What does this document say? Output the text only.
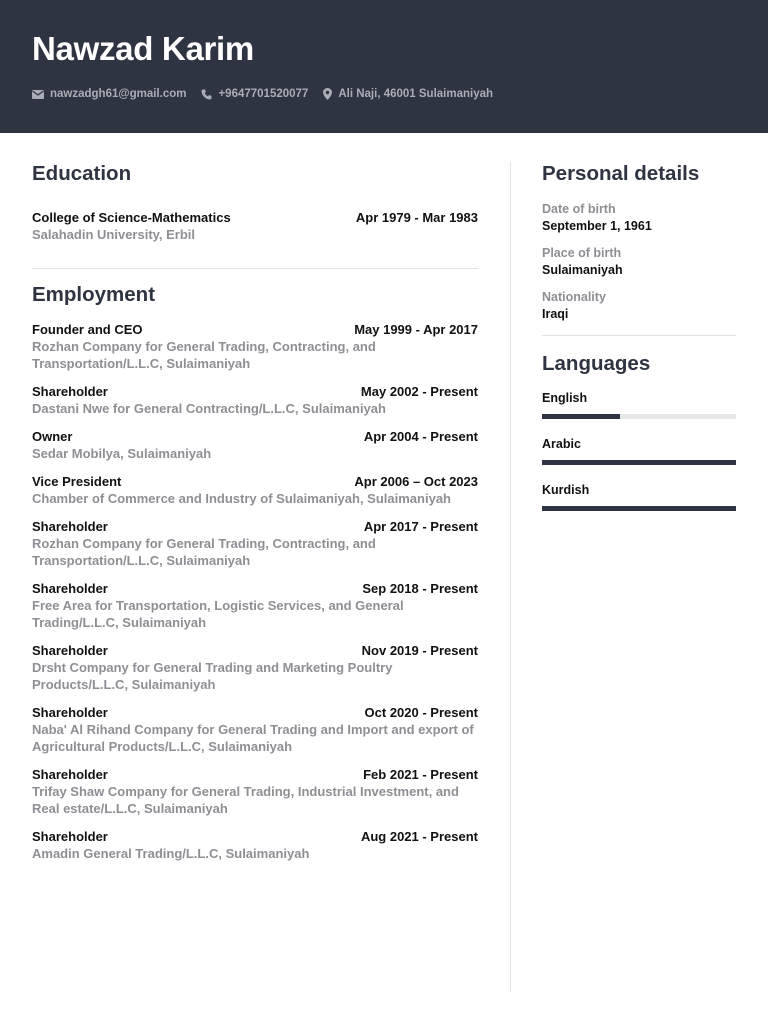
Nawzad Karim
nawzadgh61@gmail.com	+9647701520077	Ali Naji, 46001 Sulaimaniyah
Education
College of Science-Mathematics	Apr 1979 - Mar 1983
Salahadin University, Erbil
Employment
Founder and CEO	May 1999 - Apr 2017
Rozhan Company for General Trading, Contracting, and Transportation/L.L.C, Sulaimaniyah
Shareholder	May 2002 - Present
Dastani Nwe for General Contracting/L.L.C, Sulaimaniyah
Owner	Apr 2004 - Present
Sedar Mobilya, Sulaimaniyah
Vice President	Apr 2006 – Oct 2023
Chamber of Commerce and Industry of Sulaimaniyah, Sulaimaniyah
Shareholder	Apr 2017 - Present
Rozhan Company for General Trading, Contracting, and Transportation/L.L.C, Sulaimaniyah
Shareholder	Sep 2018 - Present
Free Area for Transportation, Logistic Services, and General Trading/L.L.C, Sulaimaniyah
Shareholder	Nov 2019 - Present
Drsht Company for General Trading and Marketing Poultry Products/L.L.C, Sulaimaniyah
Shareholder	Oct 2020 - Present
Naba' Al Rihand Company for General Trading and Import and export of Agricultural Products/L.L.C, Sulaimaniyah
Shareholder	Feb 2021 - Present
Trifay Shaw Company for General Trading, Industrial Investment, and Real estate/L.L.C, Sulaimaniyah
Shareholder	Aug 2021 - Present
Amadin General Trading/L.L.C, Sulaimaniyah
Personal details
Date of birth
September 1, 1961
Place of birth
Sulaimaniyah
Nationality
Iraqi
Languages
English
Arabic
Kurdish
